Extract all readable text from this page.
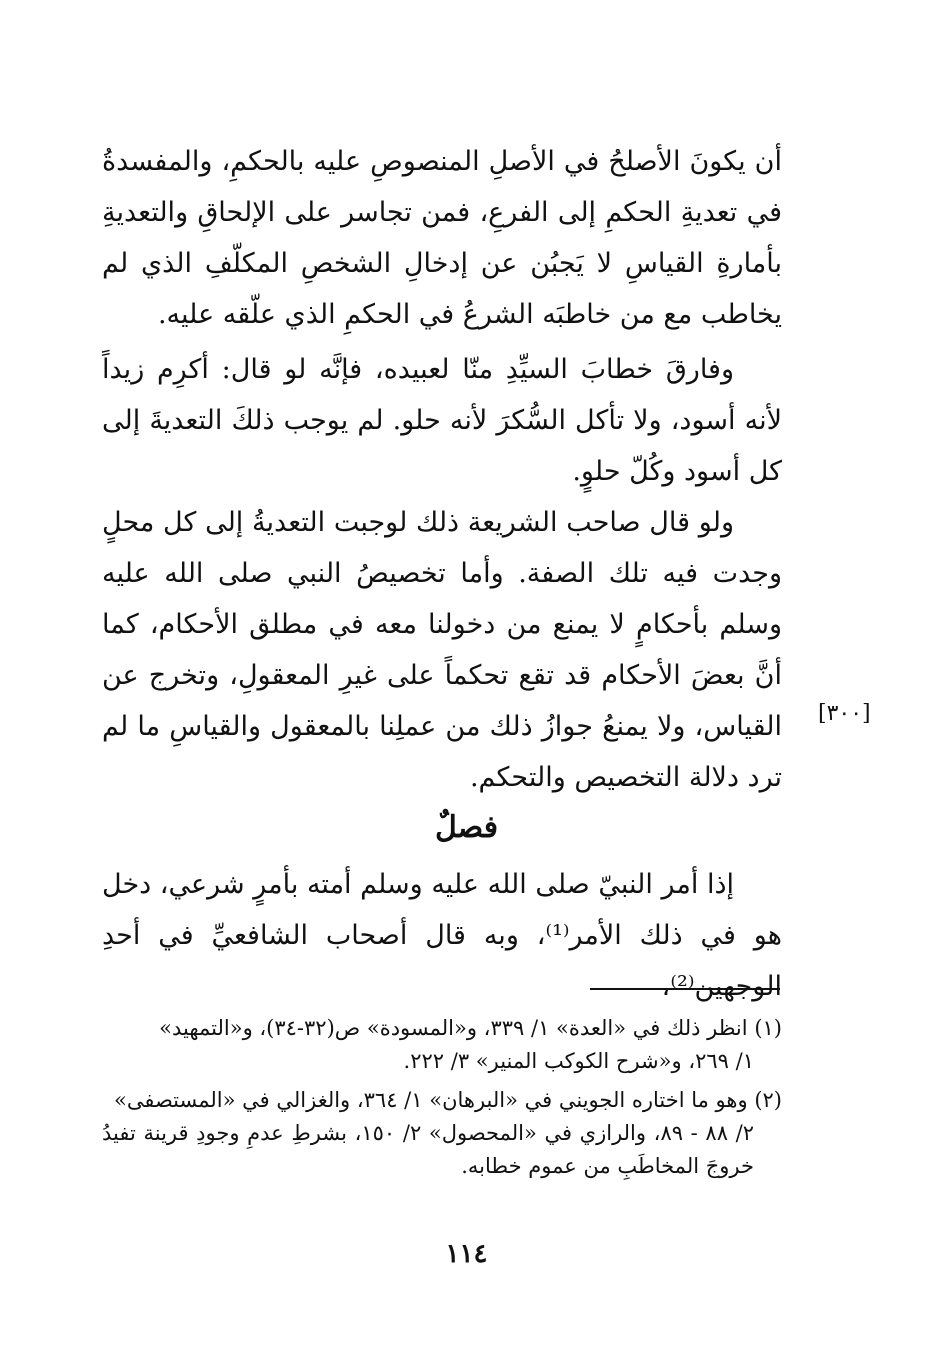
أن يكونَ الأصلحُ في الأصلِ المنصوصِ عليه بالحكمِ، والمفسدةُ في تعديةِ الحكمِ إلى الفرعِ، فمن تجاسر على الإلحاقِ والتعديةِ بأمارةِ القياسِ لا يَجبُن عن إدخالِ الشخصِ المكلّفِ الذي لم يخاطب مع من خاطبَه الشرعُ في الحكمِ الذي علّقه عليه.

وفارقَ خطابَ السيِّدِ منّا لعبيده، فإنَّه لو قال: أكرِم زيداً لأنه أسود، ولا تأكل السُّكرَ لأنه حلو. لم يوجب ذلكَ التعديةَ إلى كل أسود وكُلّ حلوٍ.

ولو قال صاحب الشريعة ذلك لوجبت التعديةُ إلى كل محلٍ وجدت فيه تلك الصفة. وأما تخصيصُ النبي صلى الله عليه وسلم بأحكامٍ لا يمنع من دخولنا معه في مطلق الأحكام، كما أنَّ بعضَ الأحكام قد تقع تحكماً على غيرِ المعقولِ، وتخرج عن القياس، ولا يمنعُ جوازُ ذلك من عملِنا بالمعقول والقياسِ ما لم ترد دلالة التخصيص والتحكم.

[٣٠٠]
فصلٌ

إذا أمر النبيّ صلى الله عليه وسلم أمته بأمرٍ شرعي، دخل هو في ذلك الأمر⁽¹⁾، وبه قال أصحاب الشافعيِّ في أحدِ الوجهين⁽²⁾،

(١) انظر ذلك في «العدة» ١/ ٣٣٩، و«المسودة» ص(٣٢-٣٤)، و«التمهيد»
١/ ٢٦٩، و«شرح الكوكب المنير» ٣/ ٢٢٢.
(٢) وهو ما اختاره الجويني في «البرهان» ١/ ٣٦٤، والغزالي في «المستصفى»
٢/ ٨٨ - ٨٩، والرازي في «المحصول» ٢/ ١٥٠، بشرطِ عدمِ وجودِ قرينة تفيدُ خروجَ المخاطَبِ من عموم خطابه.
١١٤
